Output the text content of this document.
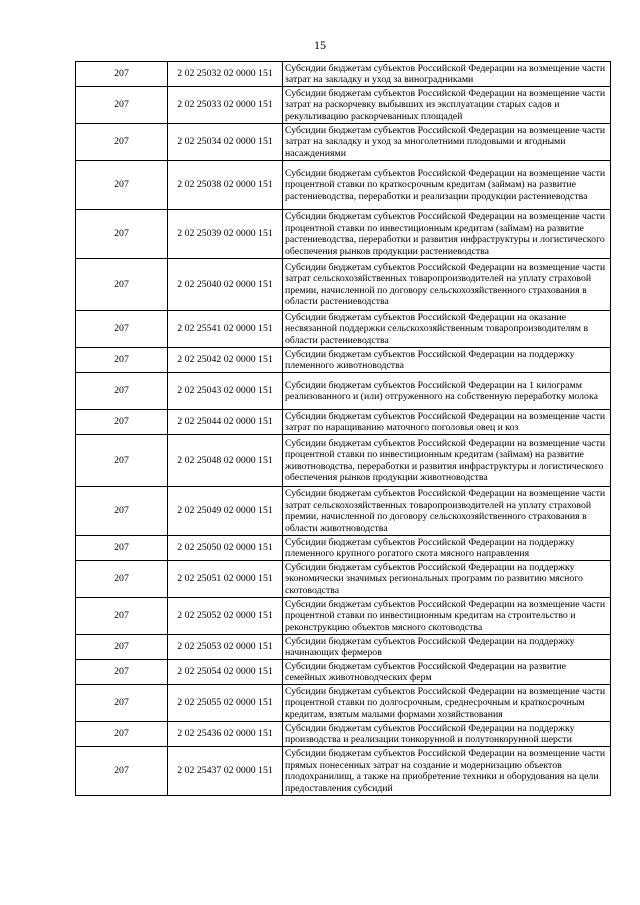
15
207	2 02 25032 02 0000 151	Субсидии бюджетам субъектов Российской Федерации на возмещение части затрат на закладку и уход за виноградниками
207	2 02 25033 02 0000 151	Субсидии бюджетам субъектов Российской Федерации на возмещение части затрат на раскорчевку выбывших из эксплуатации старых садов и рекультивацию раскорчеванных площадей
207	2 02 25034 02 0000 151	Субсидии бюджетам субъектов Российской Федерации на возмещение части затрат на закладку и уход за многолетними плодовыми и ягодными насаждениями
207	2 02 25038 02 0000 151	Субсидии бюджетам субъектов Российской Федерации на возмещение части процентной ставки по краткосрочным кредитам (займам) на развитие растениеводства, переработки и реализации продукции растениеводства
207	2 02 25039 02 0000 151	Субсидии бюджетам субъектов Российской Федерации на возмещение части процентной ставки по инвестиционным кредитам (займам) на развитие растениеводства, переработки и развития инфраструктуры и логистического обеспечения рынков продукции растениеводства
207	2 02 25040 02 0000 151	Субсидии бюджетам субъектов Российской Федерации на возмещение части затрат сельскохозяйственных товаропроизводителей на уплату страховой премии, начисленной по договору сельскохозяйственного страхования в области растениеводства
207	2 02 25541 02 0000 151	Субсидии бюджетам субъектов Российской Федерации на оказание несвязанной поддержки сельскохозяйственным товаропроизводителям в области растениеводства
207	2 02 25042 02 0000 151	Субсидии бюджетам субъектов Российской Федерации на поддержку племенного животноводства
207	2 02 25043 02 0000 151	Субсидии бюджетам субъектов Российской Федерации на 1 килограмм реализованного и (или) отгруженного на собственную переработку молока
207	2 02 25044 02 0000 151	Субсидии бюджетам субъектов Российской Федерации на возмещение части затрат по наращиванию маточного поголовья овец и коз
207	2 02 25048 02 0000 151	Субсидии бюджетам субъектов Российской Федерации на возмещение части процентной ставки по инвестиционным кредитам (займам) на развитие животноводства, переработки и развития инфраструктуры и логистического обеспечения рынков продукции животноводства
207	2 02 25049 02 0000 151	Субсидии бюджетам субъектов Российской Федерации на возмещение части затрат сельскохозяйственных товаропроизводителей на уплату страховой премии, начисленной по договору сельскохозяйственного страхования в области животноводства
207	2 02 25050 02 0000 151	Субсидии бюджетам субъектов Российской Федерации на поддержку племенного крупного рогатого скота мясного направления
207	2 02 25051 02 0000 151	Субсидии бюджетам субъектов Российской Федерации на поддержку экономически значимых региональных программ по развитию мясного скотоводства
207	2 02 25052 02 0000 151	Субсидии бюджетам субъектов Российской Федерации на возмещение части процентной ставки по инвестиционным кредитам на строительство и реконструкцию объектов мясного скотоводства
207	2 02 25053 02 0000 151	Субсидии бюджетам субъектов Российской Федерации на поддержку начинающих фермеров
207	2 02 25054 02 0000 151	Субсидии бюджетам субъектов Российской Федерации на развитие семейных животноводческих ферм
207	2 02 25055 02 0000 151	Субсидии бюджетам субъектов Российской Федерации на возмещение части процентной ставки по долгосрочным, среднесрочным и краткосрочным кредитам, взятым малыми формами хозяйствования
207	2 02 25436 02 0000 151	Субсидии бюджетам субъектов Российской Федерации на поддержку производства и реализации тонкорунной и полутонкорунной шерсти
207	2 02 25437 02 0000 151	Субсидии бюджетам субъектов Российской Федерации на возмещение части прямых понесенных затрат на создание и модернизацию объектов плодохранилищ, а также на приобретение техники и оборудования на цели предоставления субсидий
